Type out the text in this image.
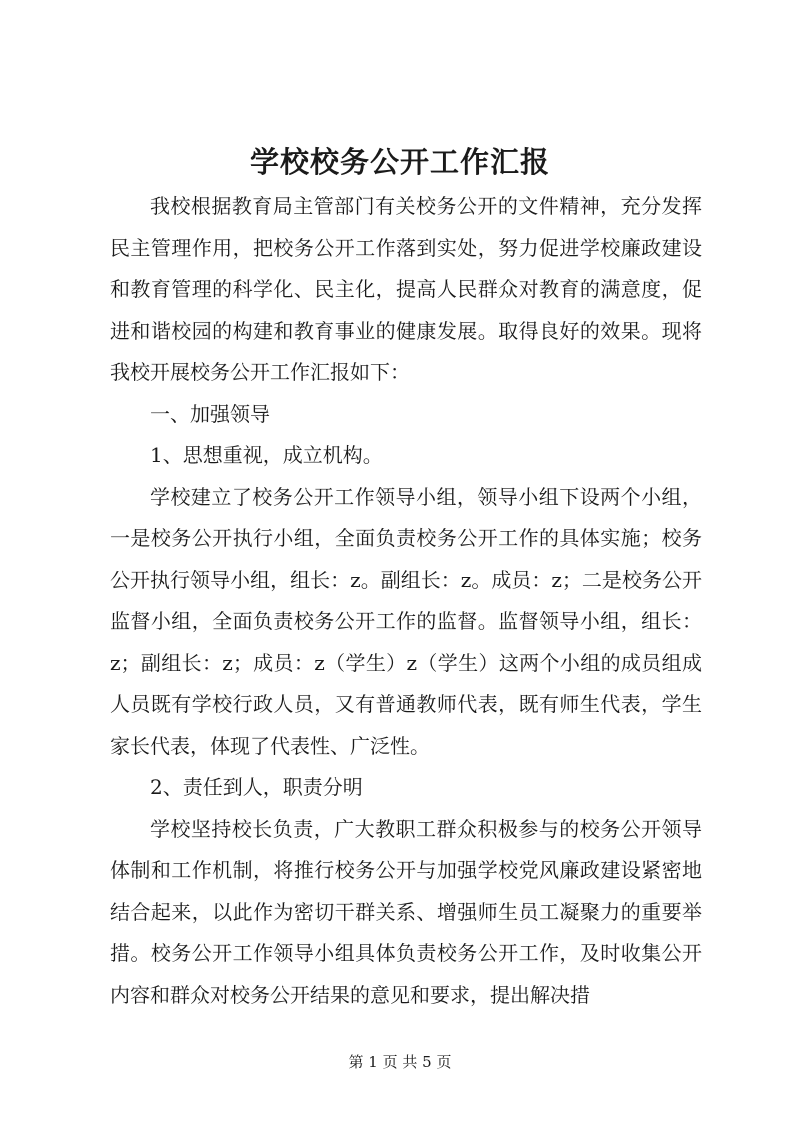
学校校务公开工作汇报

我校根据教育局主管部门有关校务公开的文件精神，充分发挥民主管理作用，把校务公开工作落到实处，努力促进学校廉政建设和教育管理的科学化、民主化，提高人民群众对教育的满意度，促进和谐校园的构建和教育事业的健康发展。取得良好的效果。现将我校开展校务公开工作汇报如下：

一、加强领导

1、思想重视，成立机构。

学校建立了校务公开工作领导小组，领导小组下设两个小组，一是校务公开执行小组，全面负责校务公开工作的具体实施；校务公开执行领导小组，组长：z。副组长：z。成员：z；二是校务公开监督小组，全面负责校务公开工作的监督。监督领导小组，组长：z；副组长：z；成员：z（学生）z（学生）这两个小组的成员组成人员既有学校行政人员，又有普通教师代表，既有师生代表，学生家长代表，体现了代表性、广泛性。

2、责任到人，职责分明

学校坚持校长负责，广大教职工群众积极参与的校务公开领导体制和工作机制，将推行校务公开与加强学校党风廉政建设紧密地结合起来，以此作为密切干群关系、增强师生员工凝聚力的重要举措。校务公开工作领导小组具体负责校务公开工作，及时收集公开内容和群众对校务公开结果的意见和要求，提出解决措

第 1 页 共 5 页
